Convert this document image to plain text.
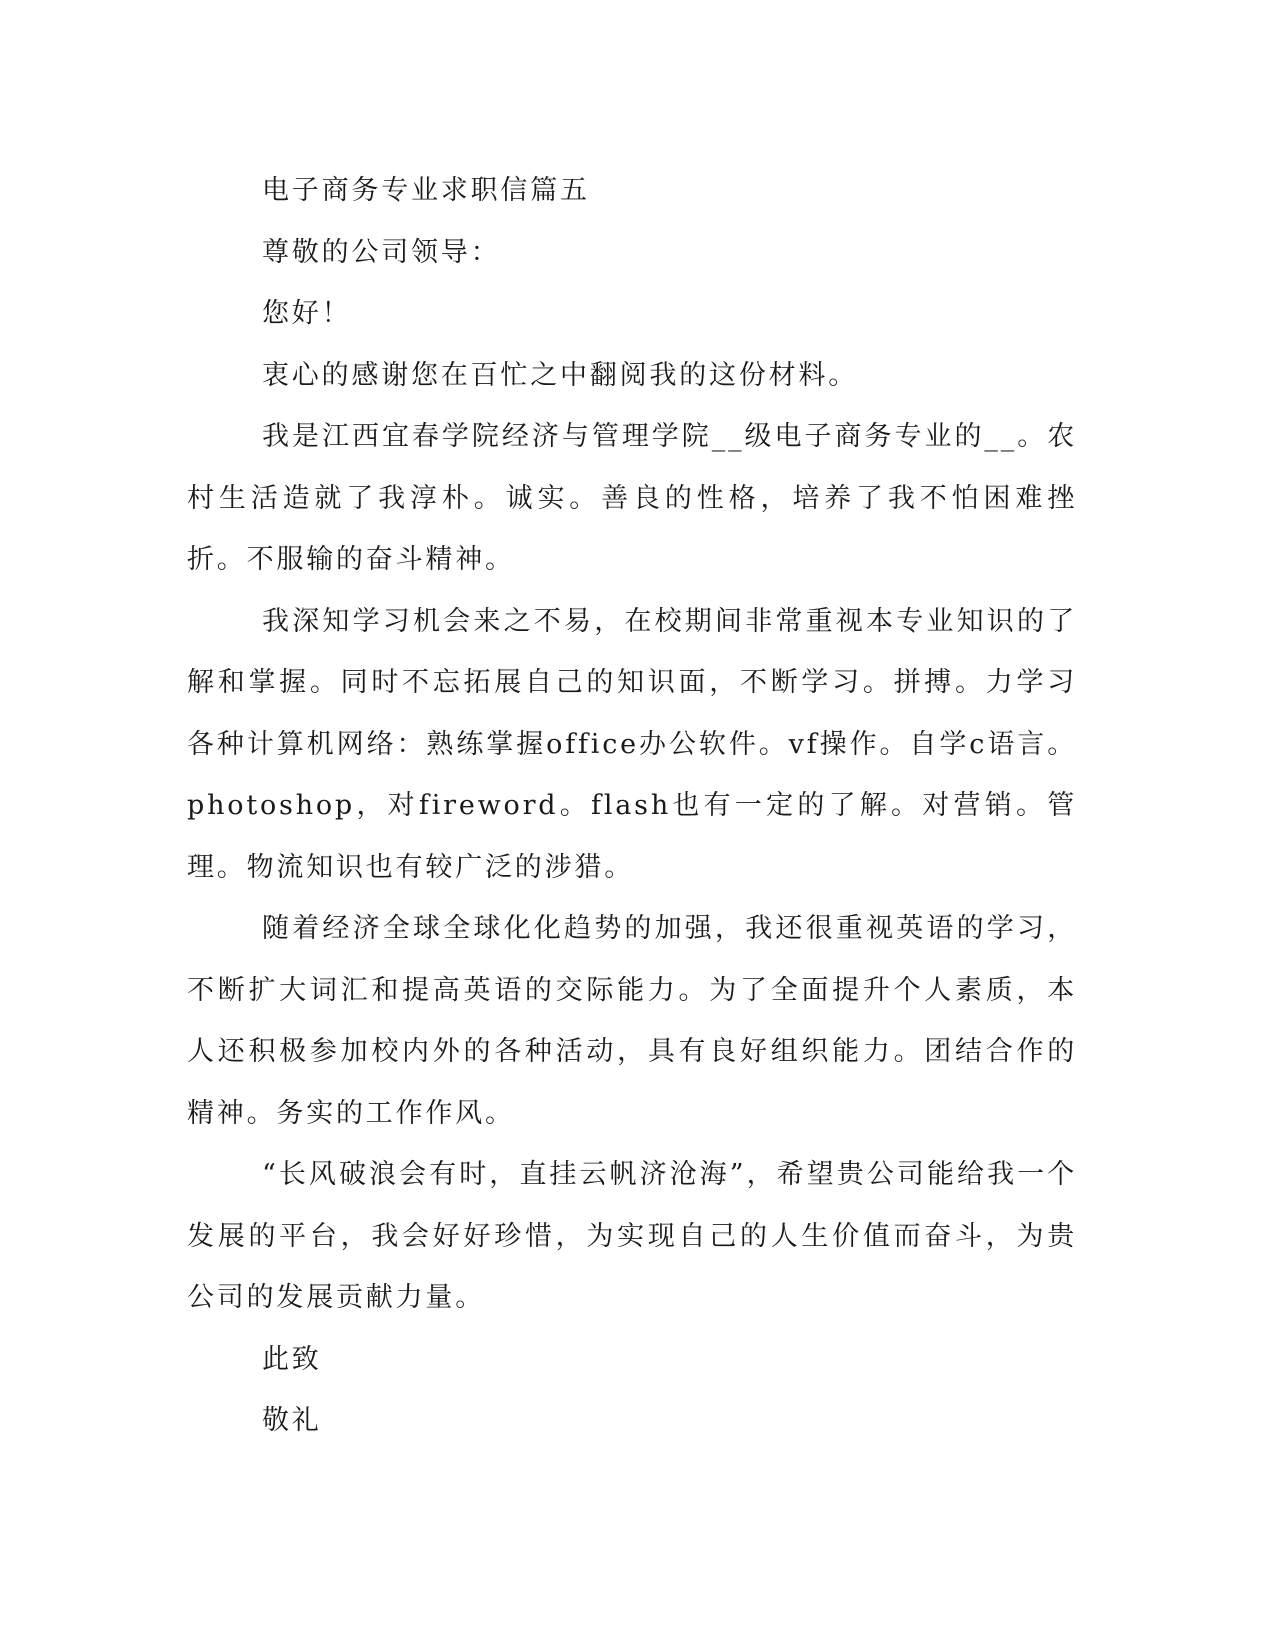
电子商务专业求职信篇五

尊敬的公司领导：

您好！

衷心的感谢您在百忙之中翻阅我的这份材料。

我是江西宜春学院经济与管理学院__级电子商务专业的__。农村生活造就了我淳朴。诚实。善良的性格，培养了我不怕困难挫折。不服输的奋斗精神。

我深知学习机会来之不易，在校期间非常重视本专业知识的了解和掌握。同时不忘拓展自己的知识面，不断学习。拼搏。力学习各种计算机网络：熟练掌握office办公软件。vf操作。自学c语言。photoshop，对fireword。flash也有一定的了解。对营销。管理。物流知识也有较广泛的涉猎。

随着经济全球全球化化趋势的加强，我还很重视英语的学习，不断扩大词汇和提高英语的交际能力。为了全面提升个人素质，本人还积极参加校内外的各种活动，具有良好组织能力。团结合作的精神。务实的工作作风。

“长风破浪会有时，直挂云帆济沧海”，希望贵公司能给我一个发展的平台，我会好好珍惜，为实现自己的人生价值而奋斗，为贵公司的发展贡献力量。

此致

敬礼
